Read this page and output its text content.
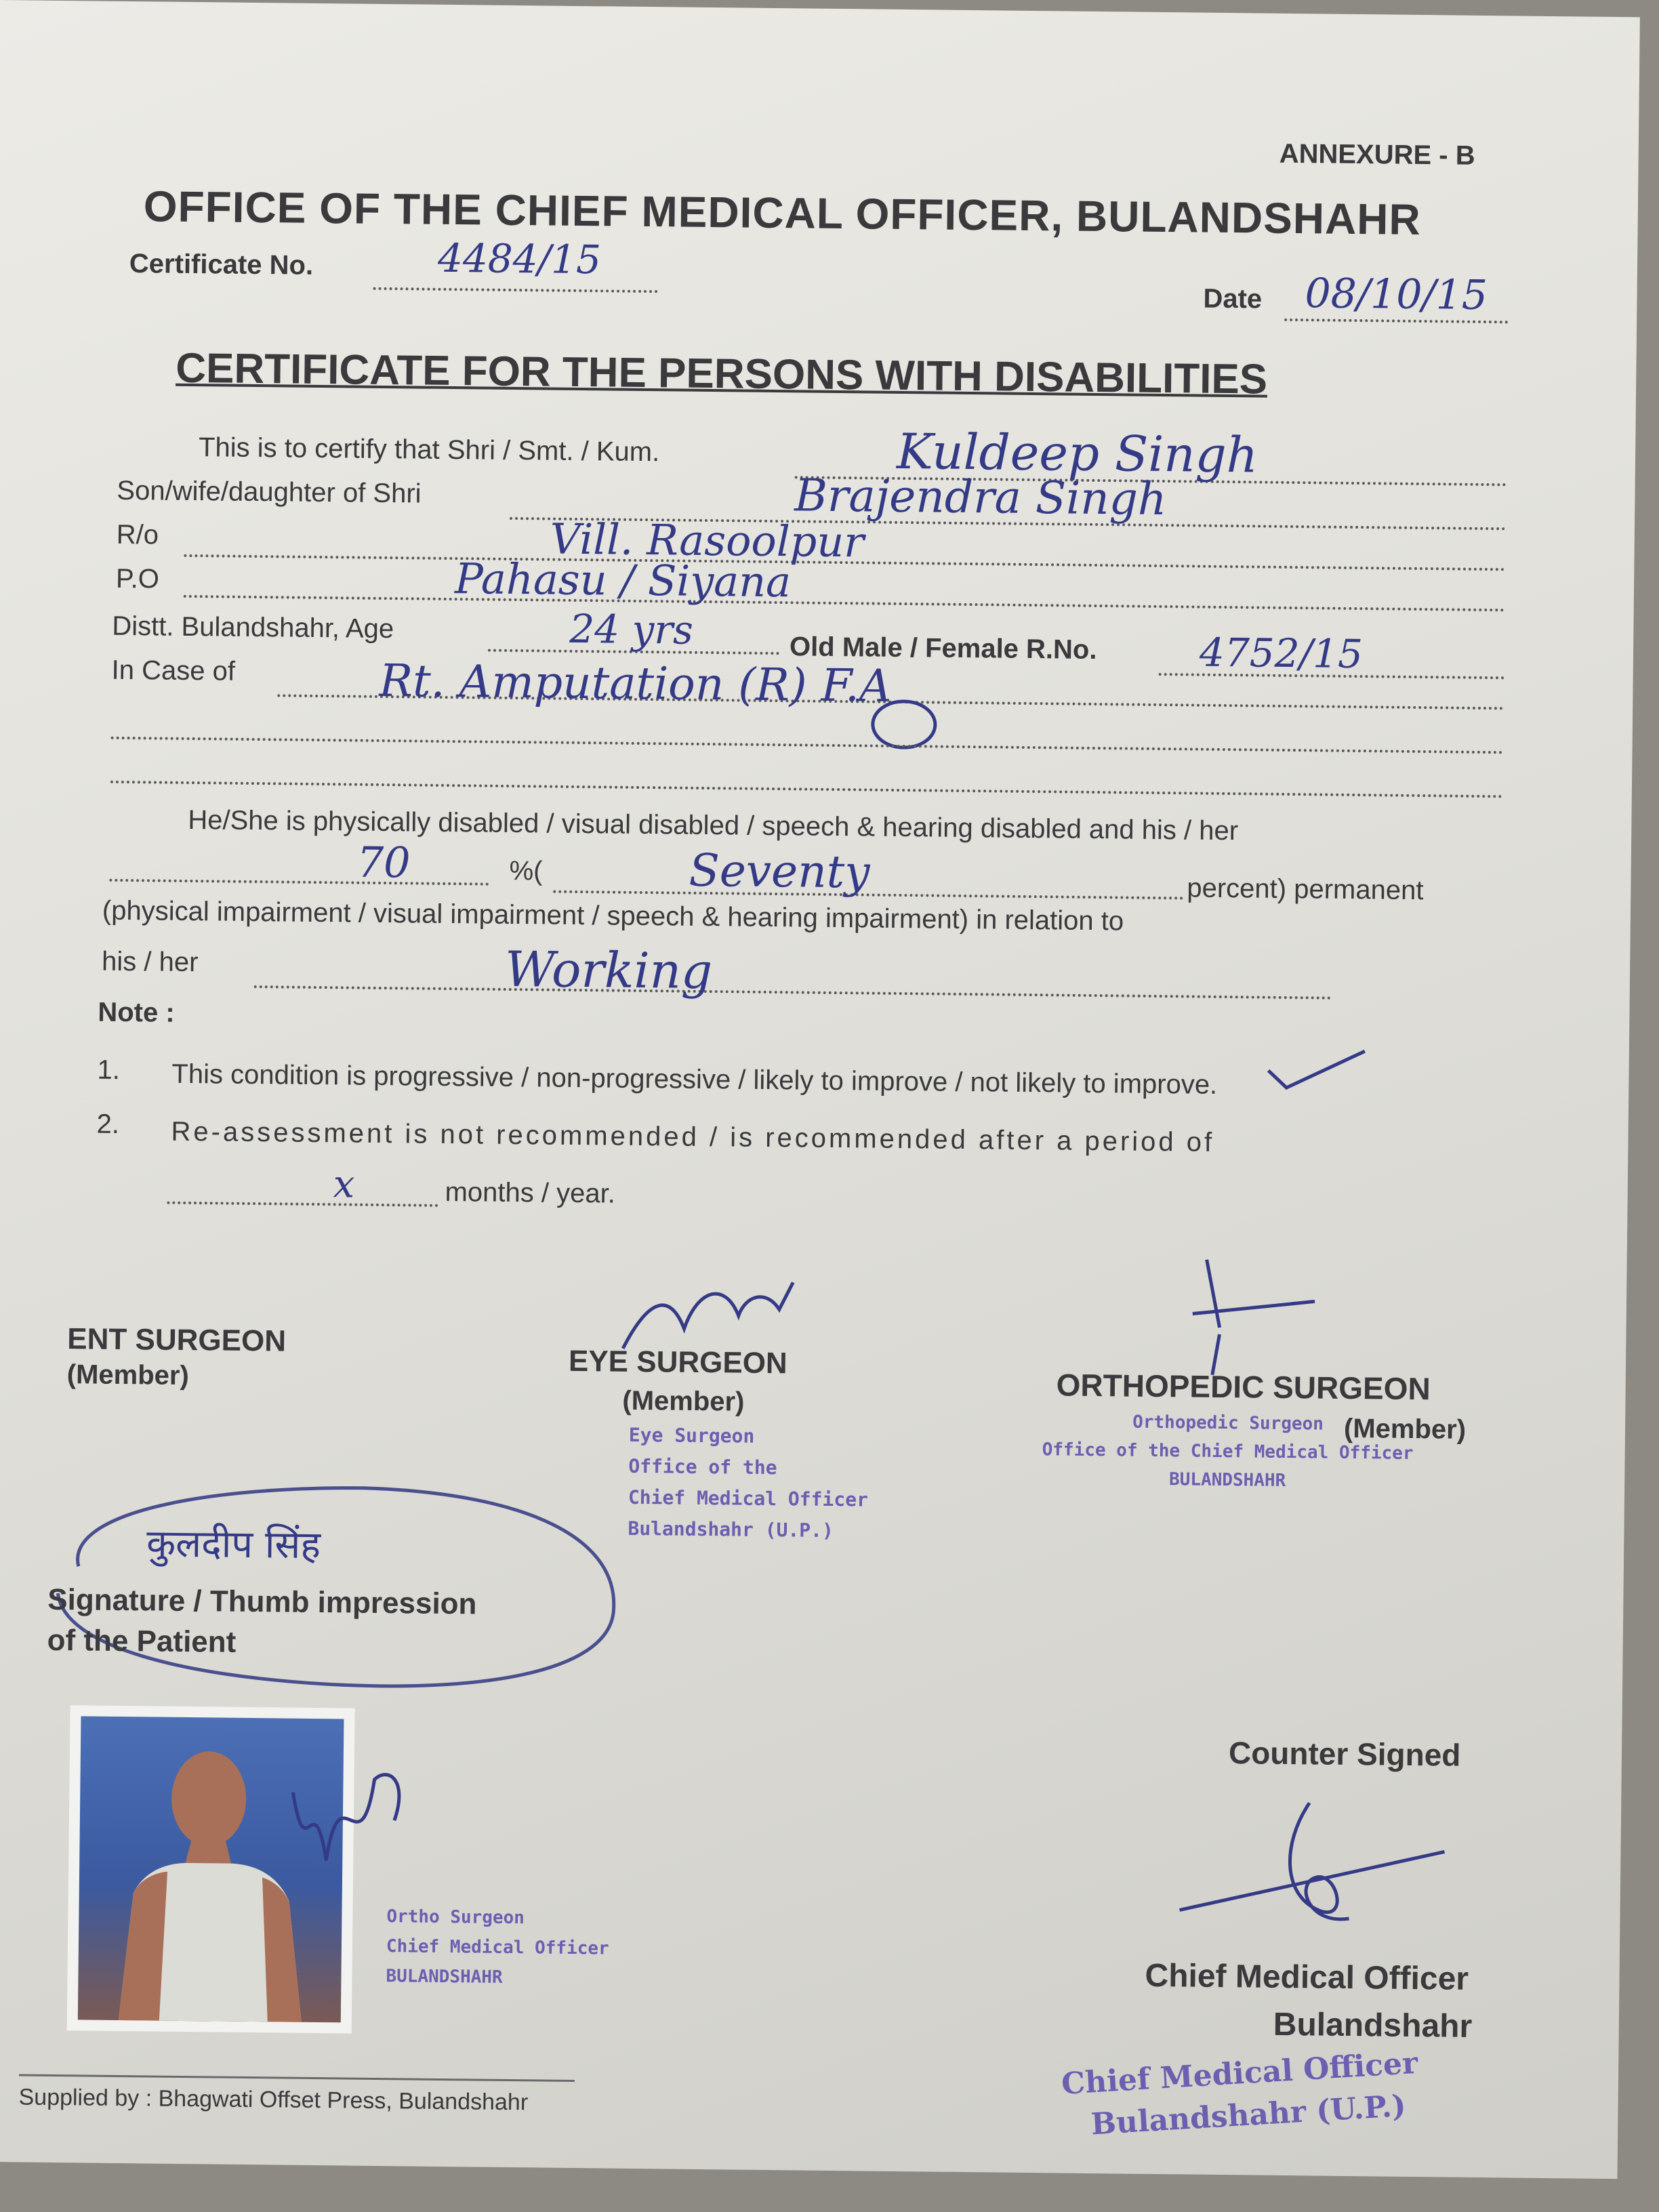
ANNEXURE - B
OFFICE OF THE CHIEF MEDICAL OFFICER, BULANDSHAHR
Certificate No.	4484/15
Date 08/10/15
CERTIFICATE FOR THE PERSONS WITH DISABILITIES
This is to certify that Shri / Smt. / Kum.	Kuldeep Singh
Son/wife/daughter of Shri	Brajendra Singh
R/o	Vill. Rasoolpur
P.O	Pahasu / Siyana
Distt. Bulandshahr, Age	24 yrs	Old Male / Female R.No.	4752/15
In Case of	Rt. Amputation (R) F.A
He/She is physically disabled / visual disabled / speech & hearing disabled and his / her
70	%(	Seventy	percent) permanent
(physical impairment / visual impairment / speech & hearing impairment) in relation to
his / her	Working
Note :
1. This condition is progressive / non-progressive / likely to improve / not likely to improve.
2. Re-assessment is not recommended / is recommended after a period of
x	months / year.
ENT SURGEON
(Member)	EYE SURGEON
(Member)	ORTHOPEDIC SURGEON
(Member)
Eye Surgeon
Office of the
Chief Medical Officer
Bulandshahr (U.P.)
Orthopedic Surgeon
Office of the Chief Medical Officer
BULANDSHAHR
कुलदीप सिंह
Signature / Thumb impression
of the Patient
Ortho Surgeon
Chief Medical Officer
BULANDSHAHR
Counter Signed
Chief Medical Officer
Bulandshahr
Chief Medical Officer
Bulandshahr (U.P.)
Supplied by : Bhagwati Offset Press, Bulandshahr
